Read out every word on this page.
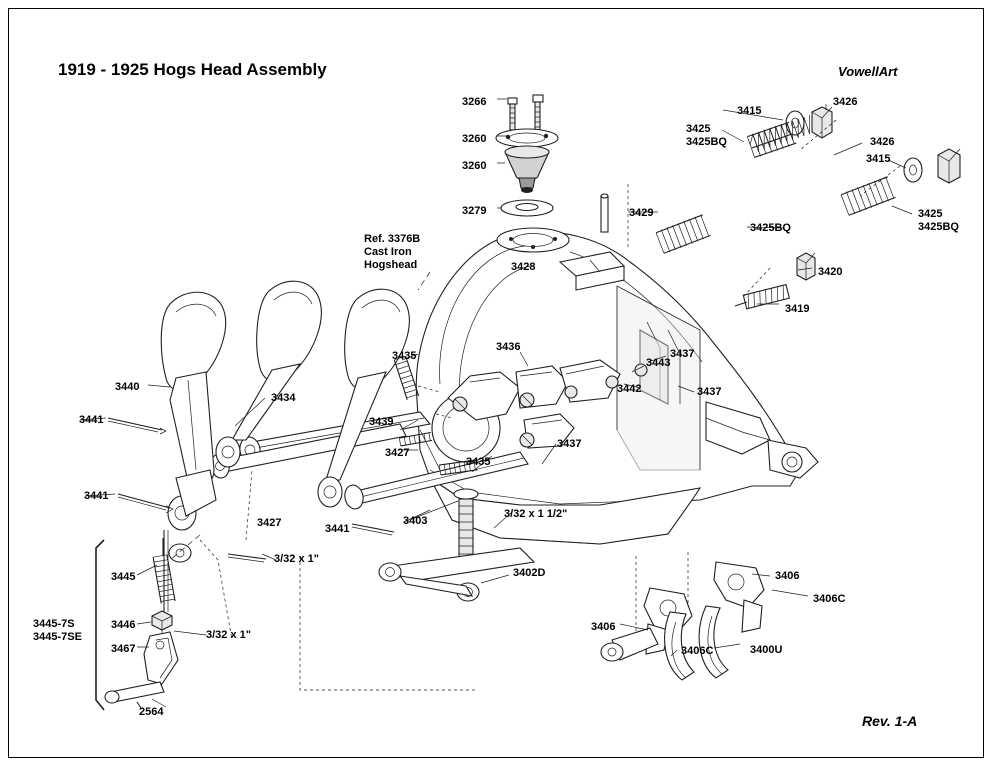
1919 - 1925 Hogs Head Assembly	VowellArt
Rev. 1-A
3266
3260
3260
3279
3415
3426
3425
3425BQ	3426
3415
3425
3425BQ
3425BQ
3429
3428	3420
3419
Ref. 3376B
Cast Iron
Hogshead
3435
3436
3437
3443
3442	3437
3440
3434
3439
3441
3427
3435
3437
3441
3427	3441
3403
3/32 x 1 1/2"
3/32 x 1"
3/32 x 1"
3402D
3445
3445-7S
3445-7SE
3446
3467
2564
3406
3406C
3406
3406C	3400U
